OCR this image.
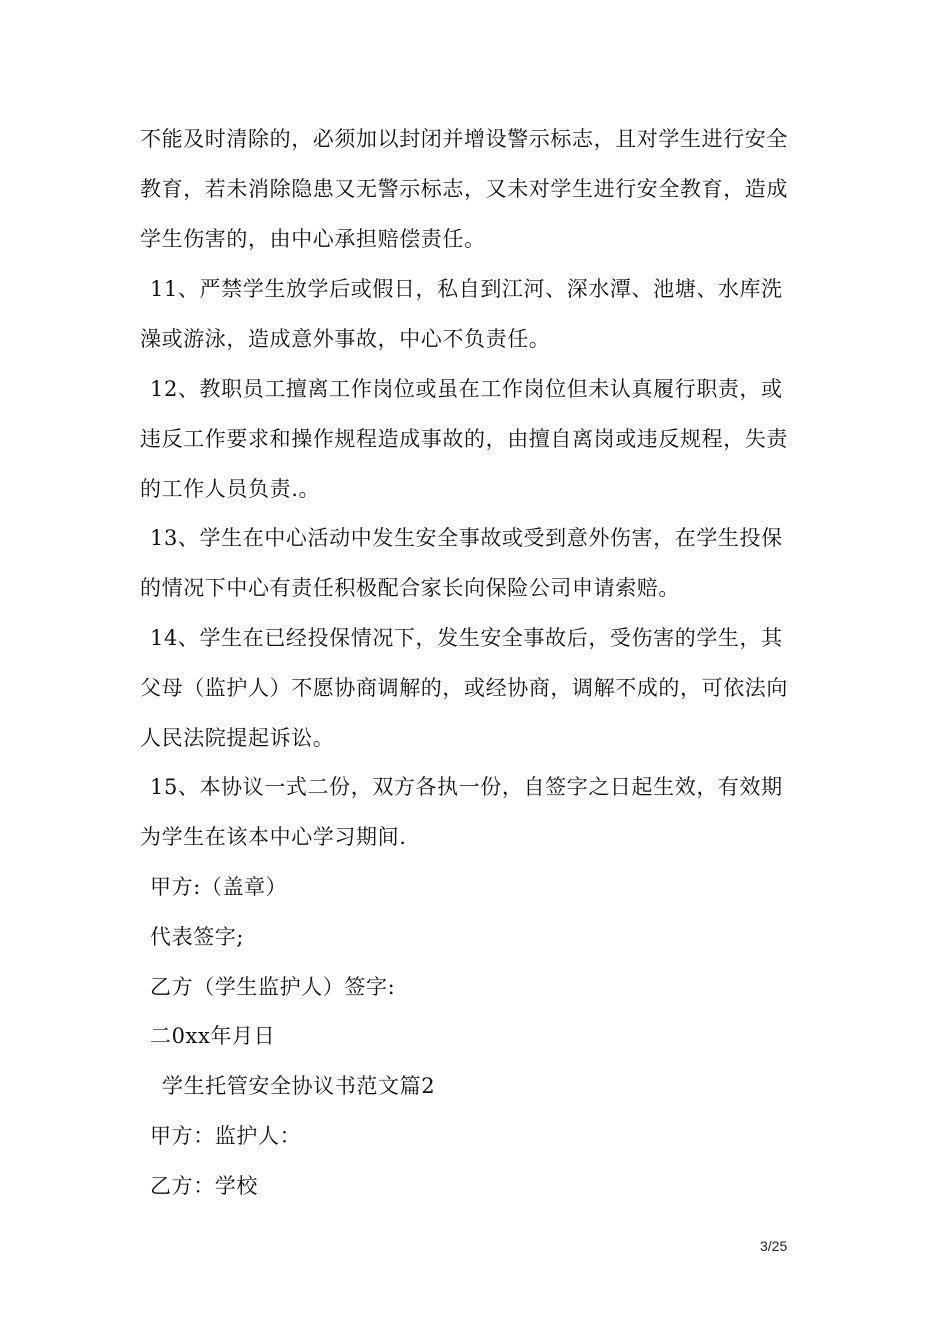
不能及时清除的，必须加以封闭并增设警示标志，且对学生进行安全
教育，若未消除隐患又无警示标志，又未对学生进行安全教育，造成
学生伤害的，由中心承担赔偿责任。
11、严禁学生放学后或假日，私自到江河、深水潭、池塘、水库洗
澡或游泳，造成意外事故，中心不负责任。
12、教职员工擅离工作岗位或虽在工作岗位但未认真履行职责，或
违反工作要求和操作规程造成事故的，由擅自离岗或违反规程，失责
的工作人员负责.。
13、学生在中心活动中发生安全事故或受到意外伤害，在学生投保
的情况下中心有责任积极配合家长向保险公司申请索赔。
14、学生在已经投保情况下，发生安全事故后，受伤害的学生，其
父母（监护人）不愿协商调解的，或经协商，调解不成的，可依法向
人民法院提起诉讼。
15、本协议一式二份，双方各执一份，自签字之日起生效，有效期
为学生在该本中心学习期间.
甲方:（盖章）
代表签字;
乙方（学生监护人）签字:
二0xx年月日
学生托管安全协议书范文篇2
甲方：监护人：
乙方：学校
3/25
